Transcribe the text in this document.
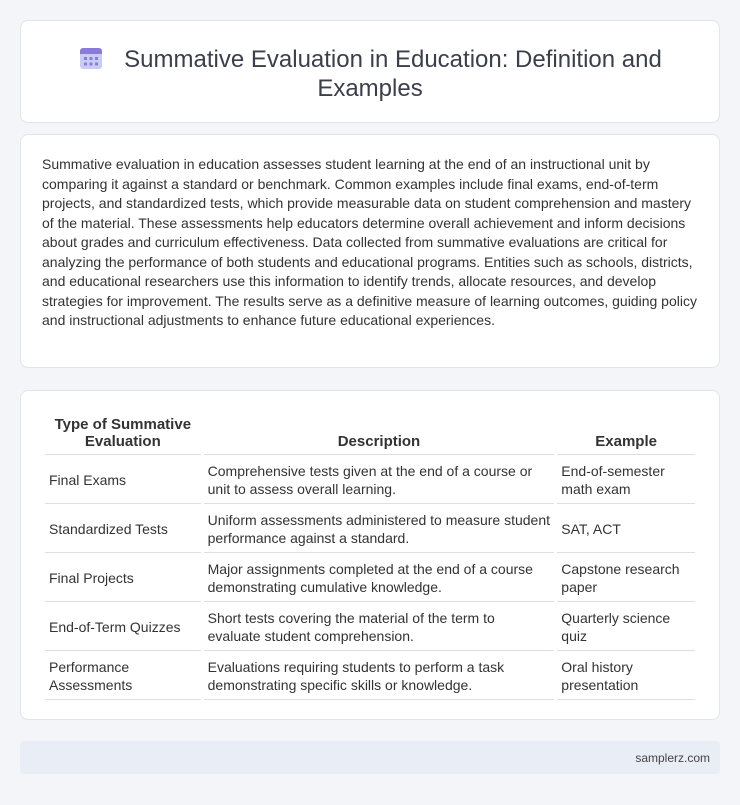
Summative Evaluation in Education: Definition and Examples

Summative evaluation in education assesses student learning at the end of an instructional unit by comparing it against a standard or benchmark. Common examples include final exams, end-of-term projects, and standardized tests, which provide measurable data on student comprehension and mastery of the material. These assessments help educators determine overall achievement and inform decisions about grades and curriculum effectiveness. Data collected from summative evaluations are critical for analyzing the performance of both students and educational programs. Entities such as schools, districts, and educational researchers use this information to identify trends, allocate resources, and develop strategies for improvement. The results serve as a definitive measure of learning outcomes, guiding policy and instructional adjustments to enhance future educational experiences.

Type of Summative Evaluation	Description	Example
Final Exams	Comprehensive tests given at the end of a course or unit to assess overall learning.	End-of-semester math exam
Standardized Tests	Uniform assessments administered to measure student performance against a standard.	SAT, ACT
Final Projects	Major assignments completed at the end of a course demonstrating cumulative knowledge.	Capstone research paper
End-of-Term Quizzes	Short tests covering the material of the term to evaluate student comprehension.	Quarterly science quiz
Performance Assessments	Evaluations requiring students to perform a task demonstrating specific skills or knowledge.	Oral history presentation
samplerz.com
